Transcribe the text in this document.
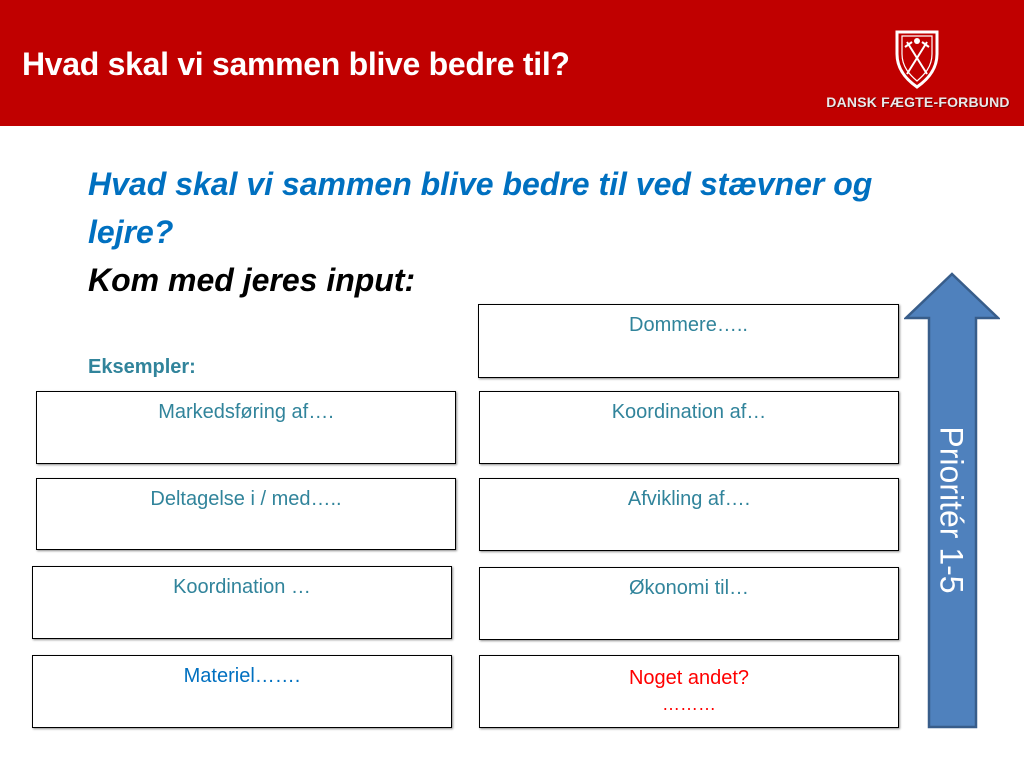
Hvad skal vi sammen blive bedre til?
DANSK FÆGTE-FORBUND
Hvad skal vi sammen blive bedre til ved stævner og
lejre?
Kom med jeres input:
Eksempler:
Markedsføring af….
Deltagelse i / med…..
Koordination …
Materiel…….
Dommere…..
Koordination af…
Afvikling af….
Økonomi til…
Noget andet?
………
Prioritér 1-5
